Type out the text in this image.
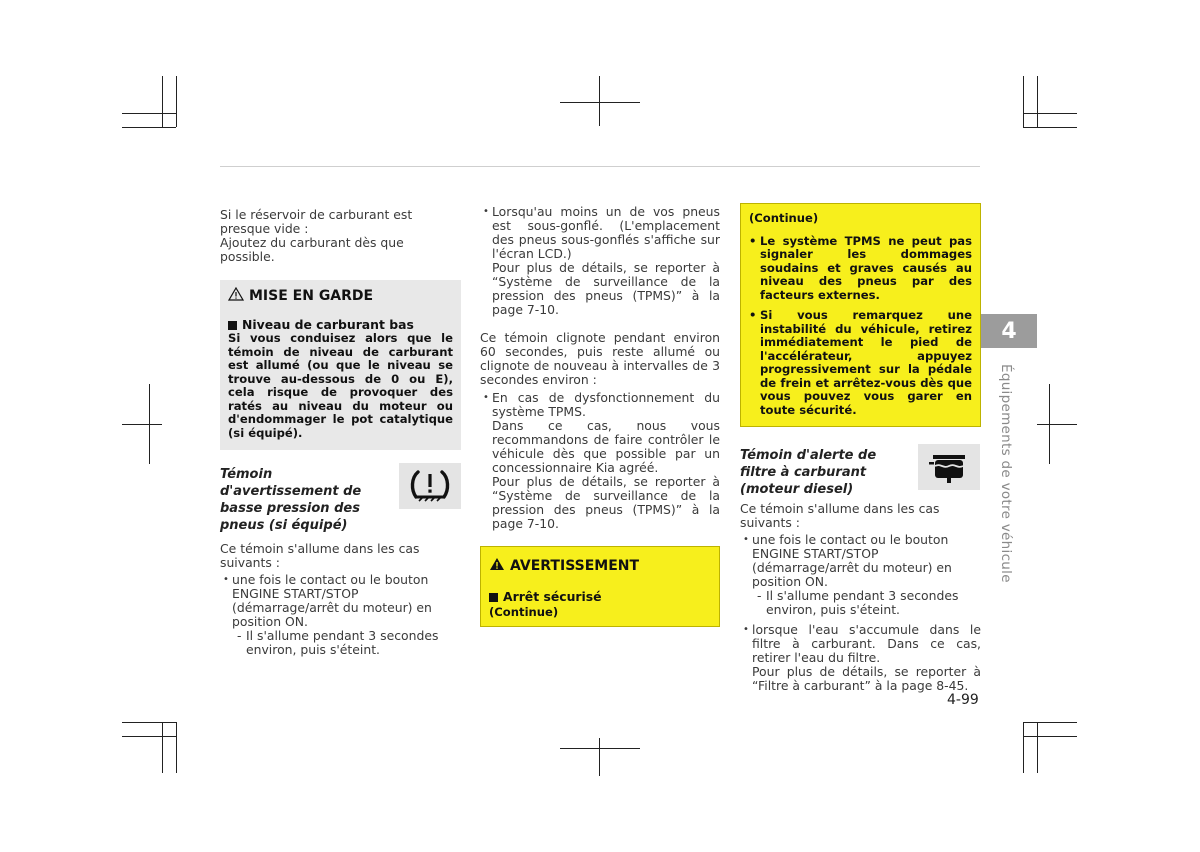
Si le réservoir de carburant est presque vide :

Ajoutez du carburant dès que possible.

MISE EN GARDE
Niveau de carburant bas

Si vous conduisez alors que le témoin de niveau de carburant est allumé (ou que le niveau se trouve au-dessous de 0 ou E), cela risque de provoquer des ratés au niveau du moteur ou d'endommager le pot catalytique (si équipé).

Témoin d'avertissement de basse pression des pneus (si équipé)

Ce témoin s'allume dans les cas suivants :

• une fois le contact ou le bouton ENGINE START/STOP (démarrage/arrêt du moteur) en position ON.

- Il s'allume pendant 3 secondes environ, puis s'éteint.

• Lorsqu'au moins un de vos pneus est sous-gonflé. (L'emplacement des pneus sous-gonflés s'affiche sur l'écran LCD.)

Pour plus de détails, se reporter à “Système de surveillance de la pression des pneus (TPMS)” à la page 7-10.

Ce témoin clignote pendant environ 60 secondes, puis reste allumé ou clignote de nouveau à intervalles de 3 secondes environ :

• En cas de dysfonctionnement du système TPMS.

Dans ce cas, nous vous recommandons de faire contrôler le véhicule dès que possible par un concessionnaire Kia agréé.

Pour plus de détails, se reporter à “Système de surveillance de la pression des pneus (TPMS)” à la page 7-10.

AVERTISSEMENT
Arrêt sécurisé

(Continue)

(Continue)

• Le système TPMS ne peut pas signaler les dommages soudains et graves causés au niveau des pneus par des facteurs externes.

• Si vous remarquez une instabilité du véhicule, retirez immédiatement le pied de l'accélérateur, appuyez progressivement sur la pédale de frein et arrêtez-vous dès que vous pouvez vous garer en toute sécurité.

Témoin d'alerte de filtre à carburant (moteur diesel)

Ce témoin s'allume dans les cas suivants :

• une fois le contact ou le bouton ENGINE START/STOP (démarrage/arrêt du moteur) en position ON.

- Il s'allume pendant 3 secondes environ, puis s'éteint.

• lorsque l'eau s'accumule dans le filtre à carburant. Dans ce cas, retirer l'eau du filtre.

Pour plus de détails, se reporter à “Filtre à carburant” à la page 8-45.

4
Équipements de votre véhicule
4-99
